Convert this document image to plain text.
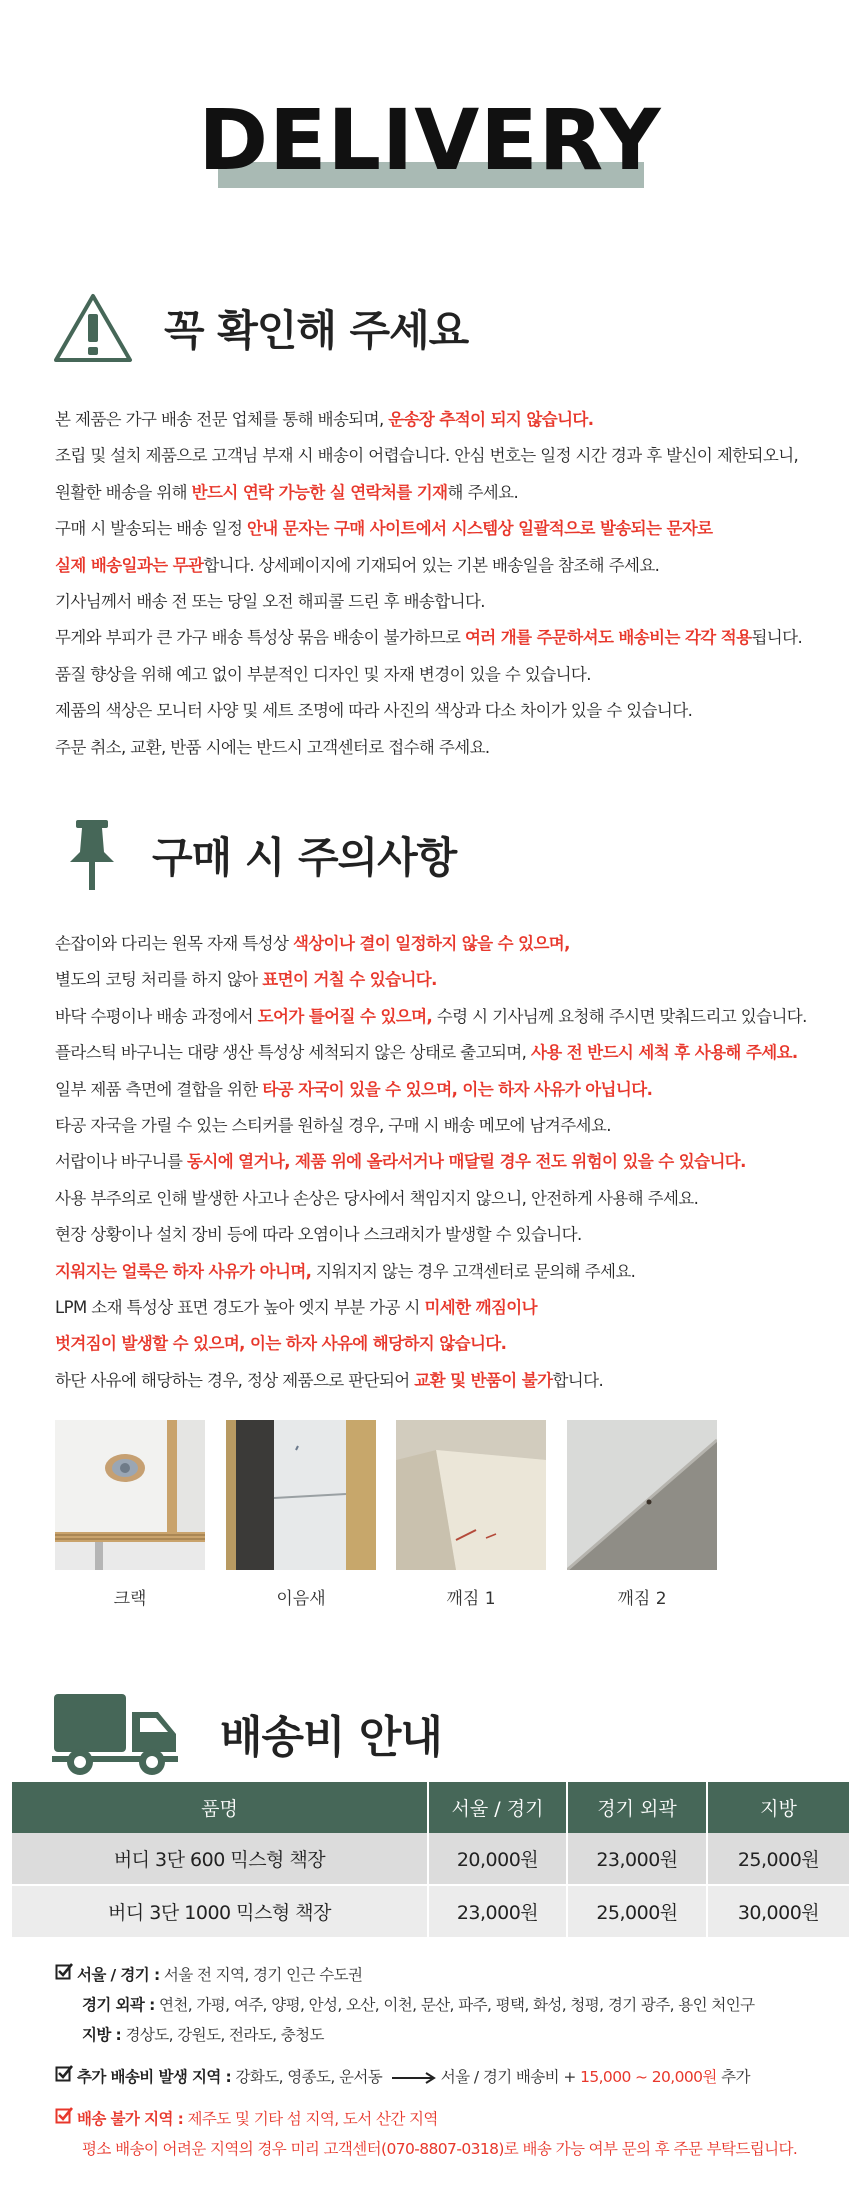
DELIVERY
꼭 확인해 주세요
본 제품은 가구 배송 전문 업체를 통해 배송되며, 운송장 추적이 되지 않습니다.
조립 및 설치 제품으로 고객님 부재 시 배송이 어렵습니다. 안심 번호는 일정 시간 경과 후 발신이 제한되오니,
원활한 배송을 위해 반드시 연락 가능한 실 연락처를 기재해 주세요.
구매 시 발송되는 배송 일정 안내 문자는 구매 사이트에서 시스템상 일괄적으로 발송되는 문자로
실제 배송일과는 무관합니다. 상세페이지에 기재되어 있는 기본 배송일을 참조해 주세요.
기사님께서 배송 전 또는 당일 오전 해피콜 드린 후 배송합니다.
무게와 부피가 큰 가구 배송 특성상 묶음 배송이 불가하므로 여러 개를 주문하셔도 배송비는 각각 적용됩니다.
품질 향상을 위해 예고 없이 부분적인 디자인 및 자재 변경이 있을 수 있습니다.
제품의 색상은 모니터 사양 및 세트 조명에 따라 사진의 색상과 다소 차이가 있을 수 있습니다.
주문 취소, 교환, 반품 시에는 반드시 고객센터로 접수해 주세요.
구매 시 주의사항
손잡이와 다리는 원목 자재 특성상 색상이나 결이 일정하지 않을 수 있으며,
별도의 코팅 처리를 하지 않아 표면이 거칠 수 있습니다.
바닥 수평이나 배송 과정에서 도어가 틀어질 수 있으며, 수령 시 기사님께 요청해 주시면 맞춰드리고 있습니다.
플라스틱 바구니는 대량 생산 특성상 세척되지 않은 상태로 출고되며, 사용 전 반드시 세척 후 사용해 주세요.
일부 제품 측면에 결합을 위한 타공 자국이 있을 수 있으며, 이는 하자 사유가 아닙니다.
타공 자국을 가릴 수 있는 스티커를 원하실 경우, 구매 시 배송 메모에 남겨주세요.
서랍이나 바구니를 동시에 열거나, 제품 위에 올라서거나 매달릴 경우 전도 위험이 있을 수 있습니다.
사용 부주의로 인해 발생한 사고나 손상은 당사에서 책임지지 않으니, 안전하게 사용해 주세요.
현장 상황이나 설치 장비 등에 따라 오염이나 스크래치가 발생할 수 있습니다.
지워지는 얼룩은 하자 사유가 아니며, 지워지지 않는 경우 고객센터로 문의해 주세요.
LPM 소재 특성상 표면 경도가 높아 엣지 부분 가공 시 미세한 깨짐이나
벗겨짐이 발생할 수 있으며, 이는 하자 사유에 해당하지 않습니다.
하단 사유에 해당하는 경우, 정상 제품으로 판단되어 교환 및 반품이 불가합니다.
크랙	이음새	깨짐 1	깨짐 2
배송비 안내
품명	서울 / 경기	경기 외곽	지방
버디 3단 600 믹스형 책장	20,000원	23,000원	25,000원
버디 3단 1000 믹스형 책장	23,000원	25,000원	30,000원
서울 / 경기 : 서울 전 지역, 경기 인근 수도권
경기 외곽 : 연천, 가평, 여주, 양평, 안성, 오산, 이천, 문산, 파주, 평택, 화성, 청평, 경기 광주, 용인 처인구
지방 : 경상도, 강원도, 전라도, 충청도
추가 배송비 발생 지역 : 강화도, 영종도, 운서동	서울 / 경기 배송비 + 15,000 ~ 20,000원 추가
배송 불가 지역 : 제주도 및 기타 섬 지역, 도서 산간 지역
평소 배송이 어려운 지역의 경우 미리 고객센터(070-8807-0318)로 배송 가능 여부 문의 후 주문 부탁드립니다.
